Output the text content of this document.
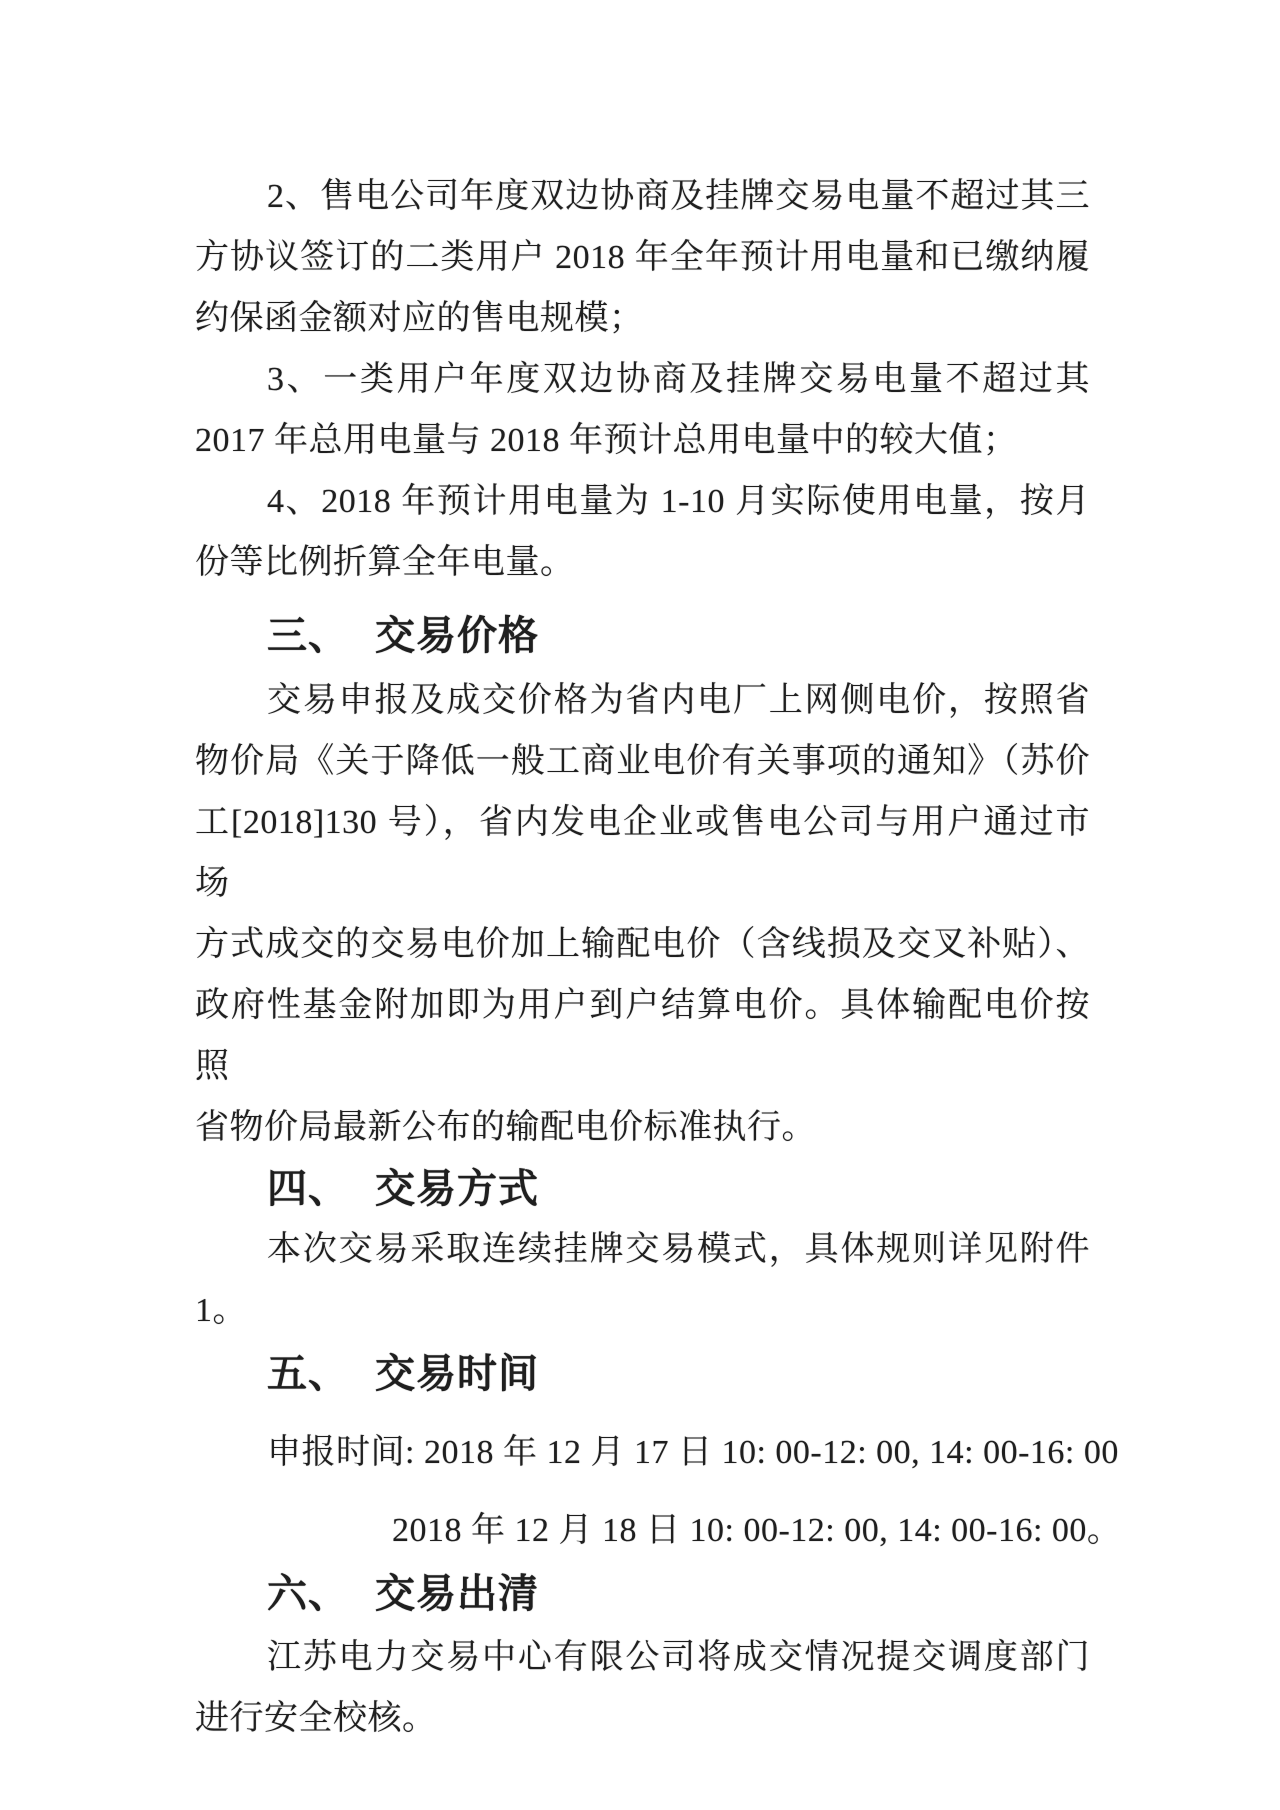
2、售电公司年度双边协商及挂牌交易电量不超过其三
方协议签订的二类用户 2018 年全年预计用电量和已缴纳履
约保函金额对应的售电规模；
3、一类用户年度双边协商及挂牌交易电量不超过其
2017 年总用电量与 2018 年预计总用电量中的较大值；
4、2018 年预计用电量为 1-10 月实际使用电量，按月
份等比例折算全年电量。
三、 交易价格
交易申报及成交价格为省内电厂上网侧电价，按照省
物价局《关于降低一般工商业电价有关事项的通知》（苏价
工[2018]130 号），省内发电企业或售电公司与用户通过市场
方式成交的交易电价加上输配电价（含线损及交叉补贴）、
政府性基金附加即为用户到户结算电价。具体输配电价按照
省物价局最新公布的输配电价标准执行。
四、 交易方式
本次交易采取连续挂牌交易模式，具体规则详见附件
1。
五、 交易时间
申报时间: 2018 年 12 月 17 日 10: 00-12: 00, 14: 00-16: 00
2018 年 12 月 18 日 10: 00-12: 00, 14: 00-16: 00。
六、 交易出清
江苏电力交易中心有限公司将成交情况提交调度部门
进行安全校核。
